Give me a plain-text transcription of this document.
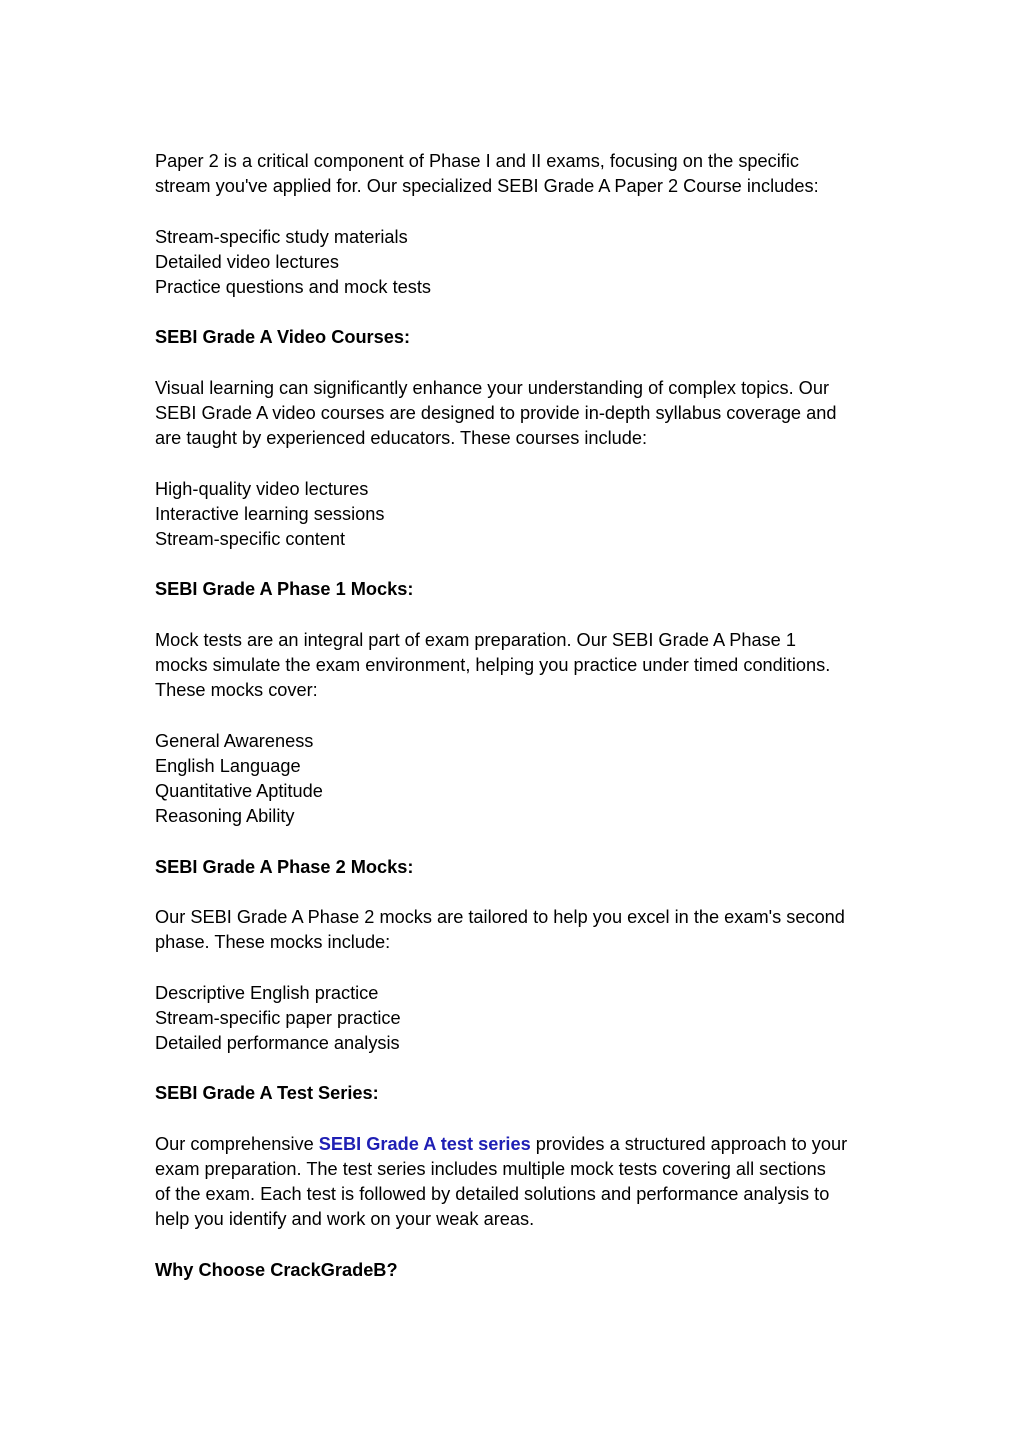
Paper 2 is a critical component of Phase I and II exams, focusing on the specific
stream you've applied for. Our specialized SEBI Grade A Paper 2 Course includes:

Stream-specific study materials
Detailed video lectures
Practice questions and mock tests

SEBI Grade A Video Courses:

Visual learning can significantly enhance your understanding of complex topics. Our
SEBI Grade A video courses are designed to provide in-depth syllabus coverage and
are taught by experienced educators. These courses include:

High-quality video lectures
Interactive learning sessions
Stream-specific content

SEBI Grade A Phase 1 Mocks:

Mock tests are an integral part of exam preparation. Our SEBI Grade A Phase 1
mocks simulate the exam environment, helping you practice under timed conditions.
These mocks cover:

General Awareness
English Language
Quantitative Aptitude
Reasoning Ability

SEBI Grade A Phase 2 Mocks:

Our SEBI Grade A Phase 2 mocks are tailored to help you excel in the exam's second
phase. These mocks include:

Descriptive English practice
Stream-specific paper practice
Detailed performance analysis

SEBI Grade A Test Series:

Our comprehensive SEBI Grade A test series provides a structured approach to your
exam preparation. The test series includes multiple mock tests covering all sections
of the exam. Each test is followed by detailed solutions and performance analysis to
help you identify and work on your weak areas.

Why Choose CrackGradeB?
